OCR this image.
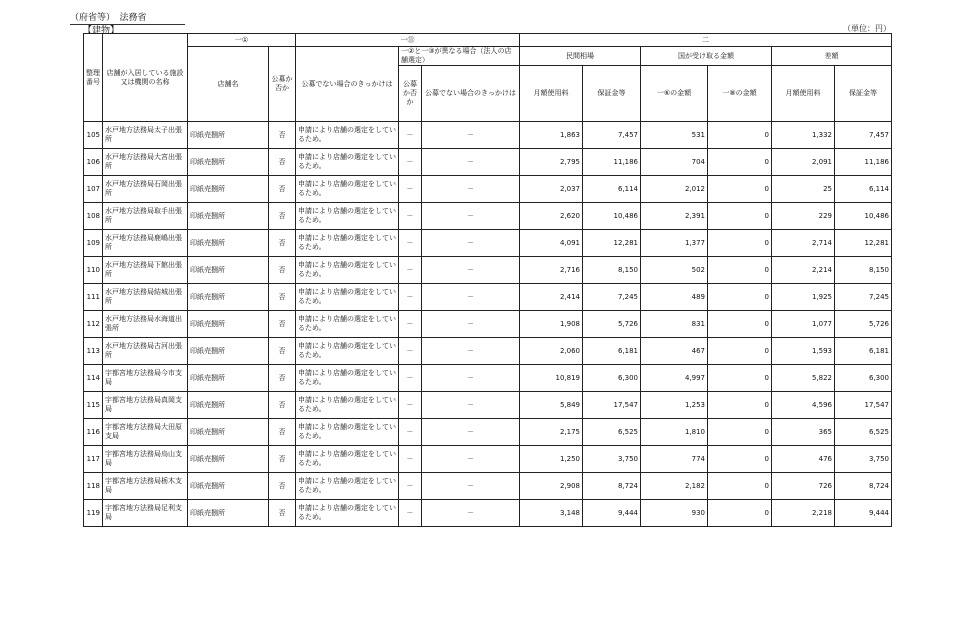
（府省等）　法務省
【建物】	（単位：円）
整理番号	店舗が入居している施設又は機関の名称	一①		一⑪			二					
		店舗名	公募か否か	公募でない場合のきっかけは	一②と一③が異なる場合（法人の店舗選定）		民間相場		国が受け取る金額		差額	
					公募か否か	公募でない場合のきっかけは	月額使用料	保証金等	一⑥の金額	一⑧の金額	月額使用料	保証金等
105	水戸地方法務局太子出張所	印紙売捌所	否	申請により店舗の選定をしているため。	－	－	1,863	7,457	531	0	1,332	7,457
106	水戸地方法務局大宮出張所	印紙売捌所	否	申請により店舗の選定をしているため。	－	－	2,795	11,186	704	0	2,091	11,186
107	水戸地方法務局石岡出張所	印紙売捌所	否	申請により店舗の選定をしているため。	－	－	2,037	6,114	2,012	0	25	6,114
108	水戸地方法務局取手出張所	印紙売捌所	否	申請により店舗の選定をしているため。	－	－	2,620	10,486	2,391	0	229	10,486
109	水戸地方法務局鹿嶋出張所	印紙売捌所	否	申請により店舗の選定をしているため。	－	－	4,091	12,281	1,377	0	2,714	12,281
110	水戸地方法務局下館出張所	印紙売捌所	否	申請により店舗の選定をしているため。	－	－	2,716	8,150	502	0	2,214	8,150
111	水戸地方法務局結城出張所	印紙売捌所	否	申請により店舗の選定をしているため。	－	－	2,414	7,245	489	0	1,925	7,245
112	水戸地方法務局水海道出張所	印紙売捌所	否	申請により店舗の選定をしているため。	－	－	1,908	5,726	831	0	1,077	5,726
113	水戸地方法務局古河出張所	印紙売捌所	否	申請により店舗の選定をしているため。	－	－	2,060	6,181	467	0	1,593	6,181
114	宇都宮地方法務局今市支局	印紙売捌所	否	申請により店舗の選定をしているため。	－	－	10,819	6,300	4,997	0	5,822	6,300
115	宇都宮地方法務局真岡支局	印紙売捌所	否	申請により店舗の選定をしているため。	－	－	5,849	17,547	1,253	0	4,596	17,547
116	宇都宮地方法務局大田原支局	印紙売捌所	否	申請により店舗の選定をしているため。	－	－	2,175	6,525	1,810	0	365	6,525
117	宇都宮地方法務局烏山支局	印紙売捌所	否	申請により店舗の選定をしているため。	－	－	1,250	3,750	774	0	476	3,750
118	宇都宮地方法務局栃木支局	印紙売捌所	否	申請により店舗の選定をしているため。	－	－	2,908	8,724	2,182	0	726	8,724
119	宇都宮地方法務局足利支局	印紙売捌所	否	申請により店舗の選定をしているため。	－	－	3,148	9,444	930	0	2,218	9,444
